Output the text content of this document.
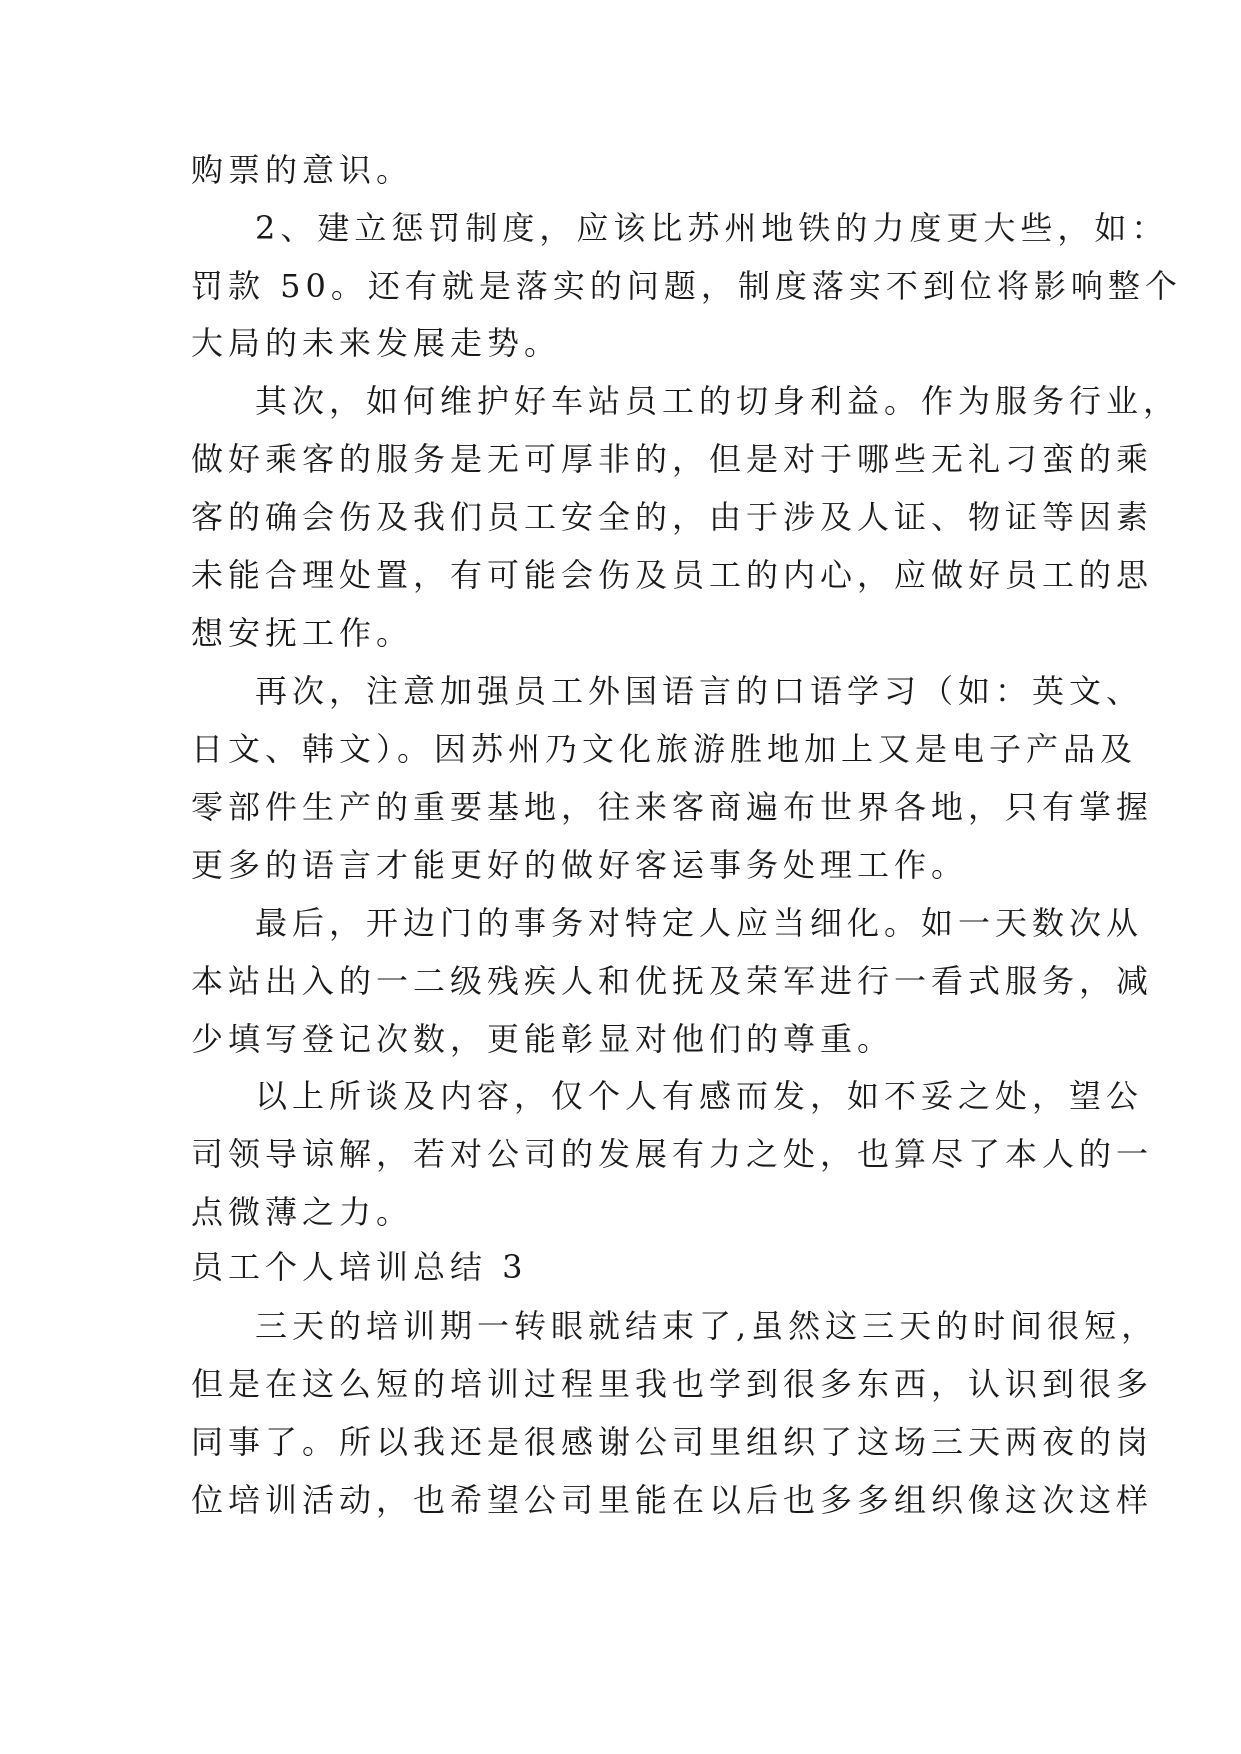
购票的意识。
2、建立惩罚制度，应该比苏州地铁的力度更大些，如：
罚款 50。还有就是落实的问题，制度落实不到位将影响整个
大局的未来发展走势。
其次，如何维护好车站员工的切身利益。作为服务行业，
做好乘客的服务是无可厚非的，但是对于哪些无礼刁蛮的乘
客的确会伤及我们员工安全的，由于涉及人证、物证等因素
未能合理处置，有可能会伤及员工的内心，应做好员工的思
想安抚工作。
再次，注意加强员工外国语言的口语学习（如：英文、
日文、韩文）。因苏州乃文化旅游胜地加上又是电子产品及
零部件生产的重要基地，往来客商遍布世界各地，只有掌握
更多的语言才能更好的做好客运事务处理工作。
最后，开边门的事务对特定人应当细化。如一天数次从
本站出入的一二级残疾人和优抚及荣军进行一看式服务，减
少填写登记次数，更能彰显对他们的尊重。
以上所谈及内容，仅个人有感而发，如不妥之处，望公
司领导谅解，若对公司的发展有力之处，也算尽了本人的一
点微薄之力。
员工个人培训总结 3
三天的培训期一转眼就结束了,虽然这三天的时间很短，
但是在这么短的培训过程里我也学到很多东西，认识到很多
同事了。所以我还是很感谢公司里组织了这场三天两夜的岗
位培训活动，也希望公司里能在以后也多多组织像这次这样
